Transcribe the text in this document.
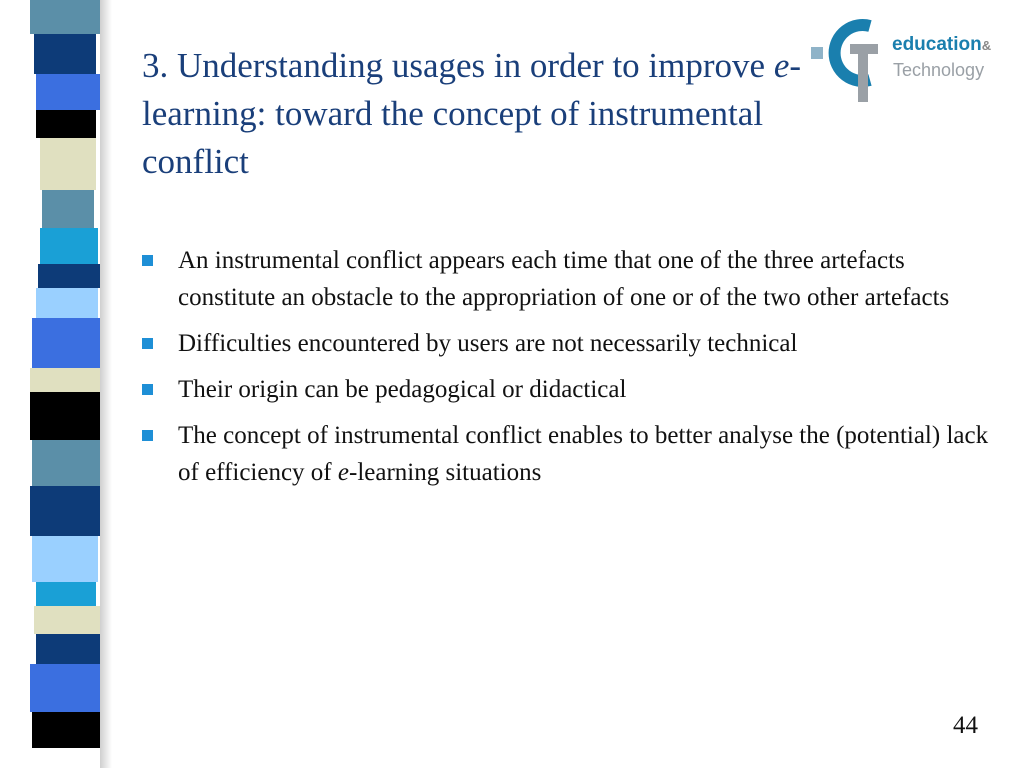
3. Understanding usages in order to improve e-learning: toward the concept of instrumental conflict
education&
Technology
An instrumental conflict appears each time that one of the three artefacts constitute an obstacle to the appropriation of one or of the two other artefacts
Difficulties encountered by users are not necessarily technical
Their origin can be pedagogical or didactical
The concept of instrumental conflict enables to better analyse the (potential) lack of efficiency of e-learning situations
44
